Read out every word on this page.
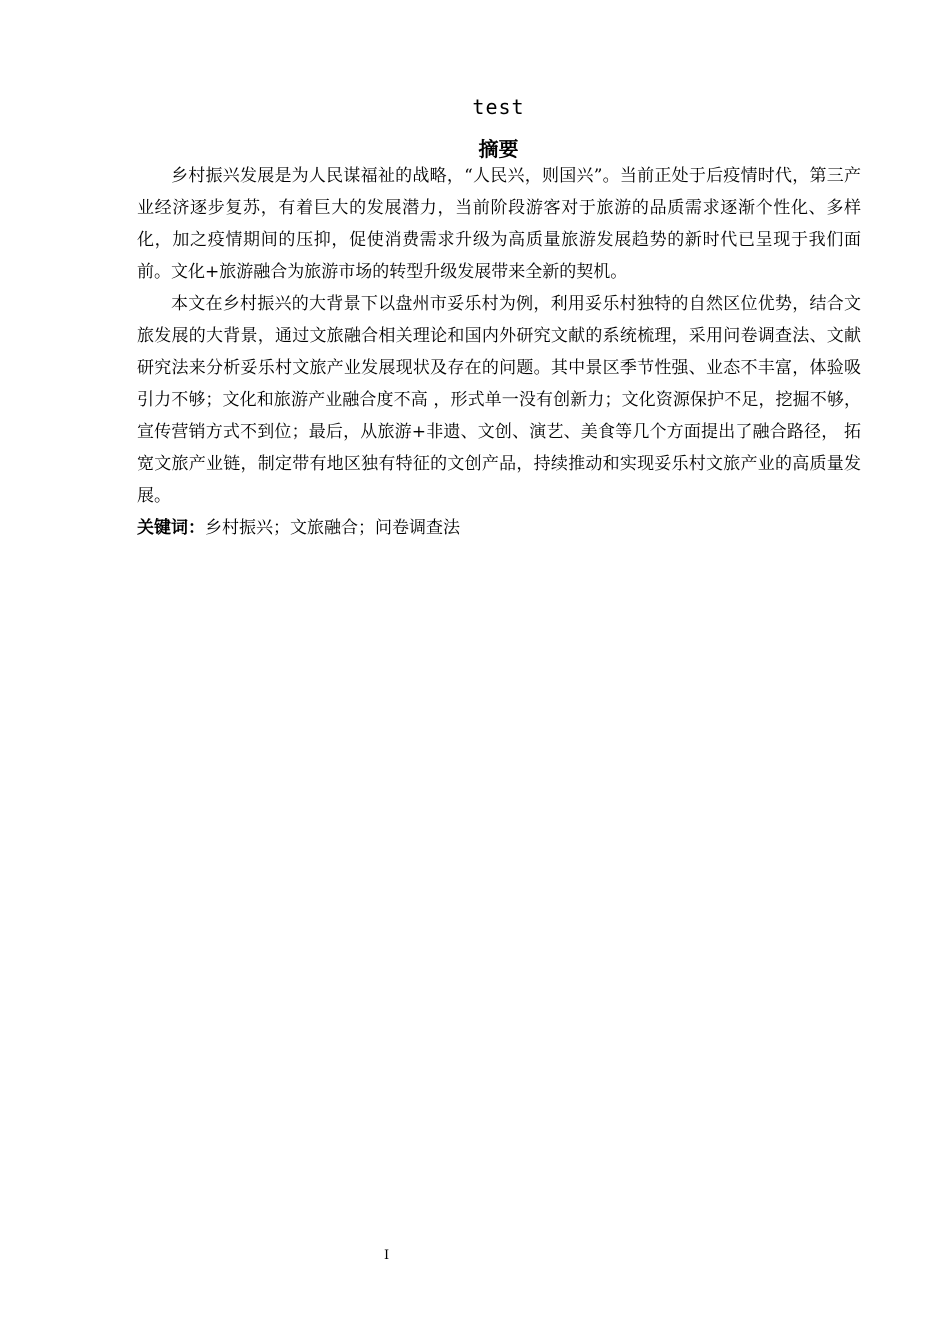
test
摘要

乡村振兴发展是为人民谋福祉的战略，“人民兴，则国兴”。当前正处于后疫情时代，第三产业经济逐步复苏，有着巨大的发展潜力，当前阶段游客对于旅游的品质需求逐渐个性化、多样化，加之疫情期间的压抑，促使消费需求升级为高质量旅游发展趋势的新时代已呈现于我们面前。文化+旅游融合为旅游市场的转型升级发展带来全新的契机。

本文在乡村振兴的大背景下以盘州市妥乐村为例，利用妥乐村独特的自然区位优势，结合文旅发展的大背景，通过文旅融合相关理论和国内外研究文献的系统梳理，采用问卷调查法、文献研究法来分析妥乐村文旅产业发展现状及存在的问题。其中景区季节性强、业态不丰富，体验吸引力不够；文化和旅游产业融合度不高 ，形式单一没有创新力；文化资源保护不足，挖掘不够，宣传营销方式不到位；最后，从旅游+非遗、文创、演艺、美食等几个方面提出了融合路径， 拓宽文旅产业链，制定带有地区独有特征的文创产品，持续推动和实现妥乐村文旅产业的高质量发展。

关键词：乡村振兴；文旅融合；问卷调查法

I
